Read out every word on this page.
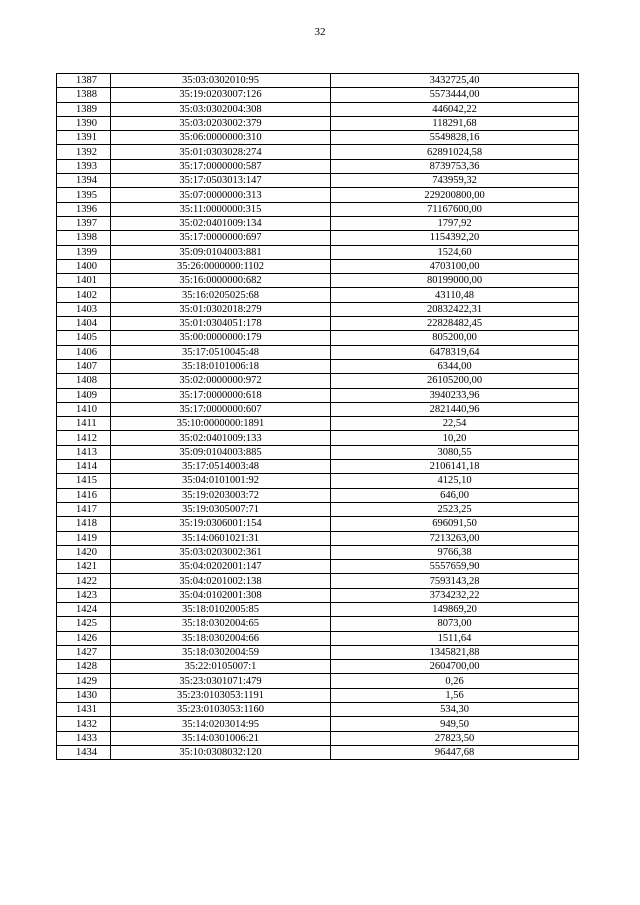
32
1387	35:03:0302010:95	3432725,40
1388	35:19:0203007:126	5573444,00
1389	35:03:0302004:308	446042,22
1390	35:03:0203002:379	118291,68
1391	35:06:0000000:310	5549828,16
1392	35:01:0303028:274	62891024,58
1393	35:17:0000000:587	8739753,36
1394	35:17:0503013:147	743959,32
1395	35:07:0000000:313	229200800,00
1396	35:11:0000000:315	71167600,00
1397	35:02:0401009:134	1797,92
1398	35:17:0000000:697	1154392,20
1399	35:09:0104003:881	1524,60
1400	35:26:0000000:1102	4703100,00
1401	35:16:0000000:682	80199000,00
1402	35:16:0205025:68	43110,48
1403	35:01:0302018:279	20832422,31
1404	35:01:0304051:178	22828482,45
1405	35:00:0000000:179	805200,00
1406	35:17:0510045:48	6478319,64
1407	35:18:0101006:18	6344,00
1408	35:02:0000000:972	26105200,00
1409	35:17:0000000:618	3940233,96
1410	35:17:0000000:607	2821440,96
1411	35:10:0000000:1891	22,54
1412	35:02:0401009:133	10,20
1413	35:09:0104003:885	3080,55
1414	35:17:0514003:48	2106141,18
1415	35:04:0101001:92	4125,10
1416	35:19:0203003:72	646,00
1417	35:19:0305007:71	2523,25
1418	35:19:0306001:154	696091,50
1419	35:14:0601021:31	7213263,00
1420	35:03:0203002:361	9766,38
1421	35:04:0202001:147	5557659,90
1422	35:04:0201002:138	7593143,28
1423	35:04:0102001:308	3734232,22
1424	35:18:0102005:85	149869,20
1425	35:18:0302004:65	8073,00
1426	35:18:0302004:66	1511,64
1427	35:18:0302004:59	1345821,88
1428	35:22:0105007:1	2604700,00
1429	35:23:0301071:479	0,26
1430	35:23:0103053:1191	1,56
1431	35:23:0103053:1160	534,30
1432	35:14:0203014:95	949,50
1433	35:14:0301006:21	27823,50
1434	35:10:0308032:120	96447,68
